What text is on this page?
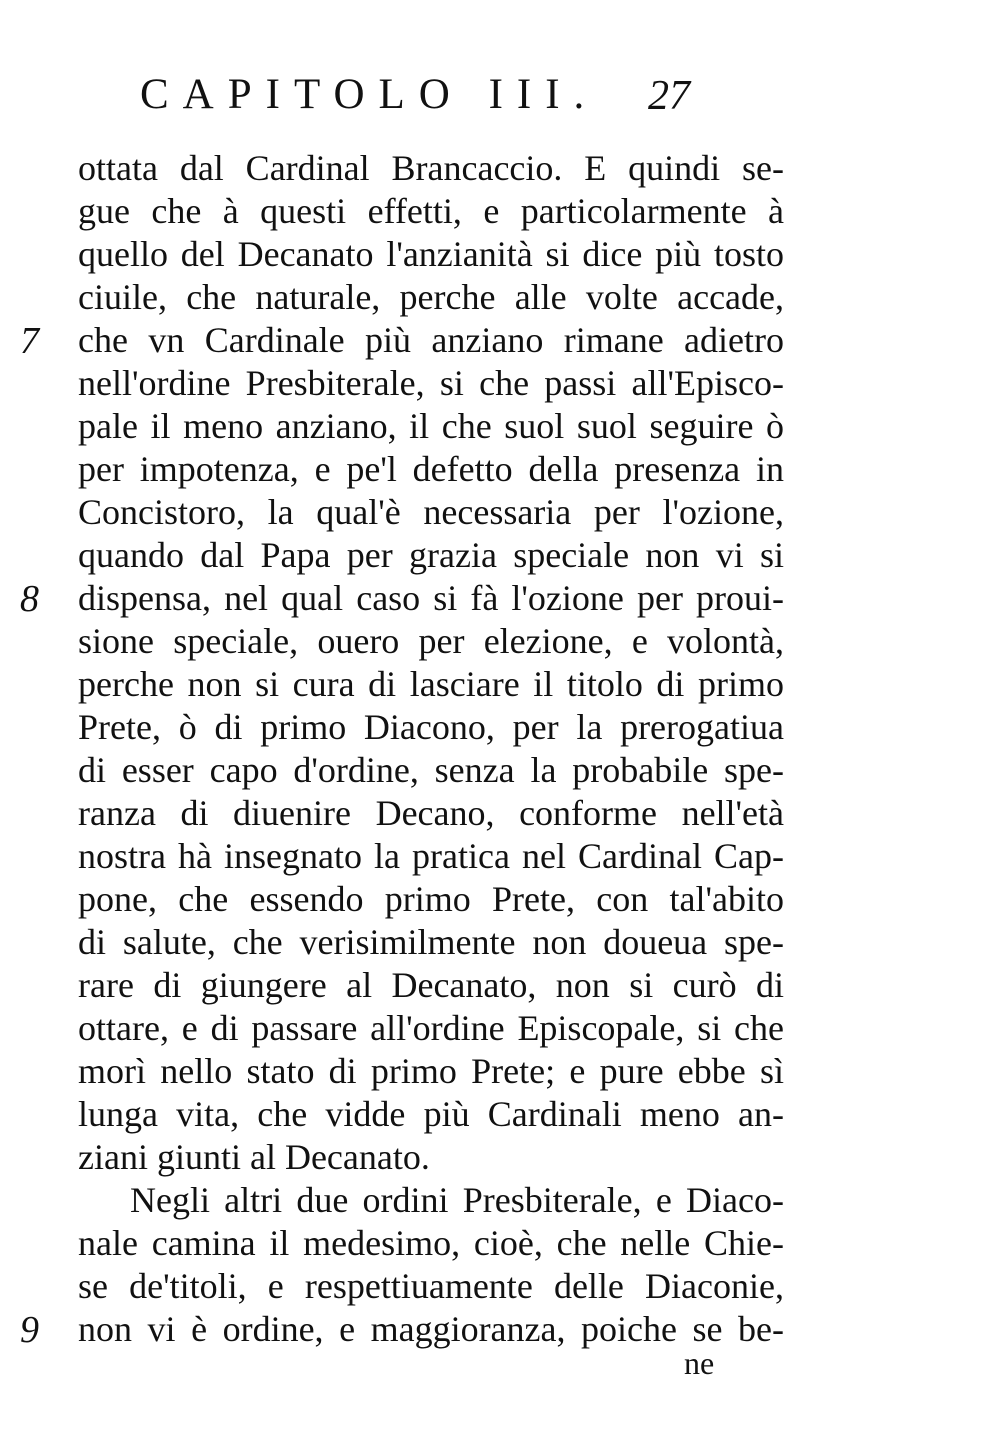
CAPITOLO III. 27
ottata dal Cardinal Brancaccio. E quindi se-
gue che à questi effetti, e particolarmente à
quello del Decanato l'anzianità si dice più tosto
ciuile, che naturale, perche alle volte accade,
che vn Cardinale più anziano rimane adietro
nell'ordine Presbiterale, si che passi all'Episco-
pale il meno anziano, il che suol suol seguire ò
per impotenza, e pe'l defetto della presenza in
Concistoro, la qual'è necessaria per l'ozione,
quando dal Papa per grazia speciale non vi si
dispensa, nel qual caso si fà l'ozione per proui-
sione speciale, ouero per elezione, e volontà,
perche non si cura di lasciare il titolo di primo
Prete, ò di primo Diacono, per la prerogatiua
di esser capo d'ordine, senza la probabile spe-
ranza di diuenire Decano, conforme nell'età
nostra hà insegnato la pratica nel Cardinal Cap-
pone, che essendo primo Prete, con tal'abito
di salute, che verisimilmente non doueua spe-
rare di giungere al Decanato, non si curò di
ottare, e di passare all'ordine Episcopale, si che
morì nello stato di primo Prete; e pure ebbe sì
lunga vita, che vidde più Cardinali meno an-
ziani giunti al Decanato.
Negli altri due ordini Presbiterale, e Diaco-
nale camina il medesimo, cioè, che nelle Chie-
se de'titoli, e respettiuamente delle Diaconie,
non vi è ordine, e maggioranza, poiche se be-
7
8
9
ne
